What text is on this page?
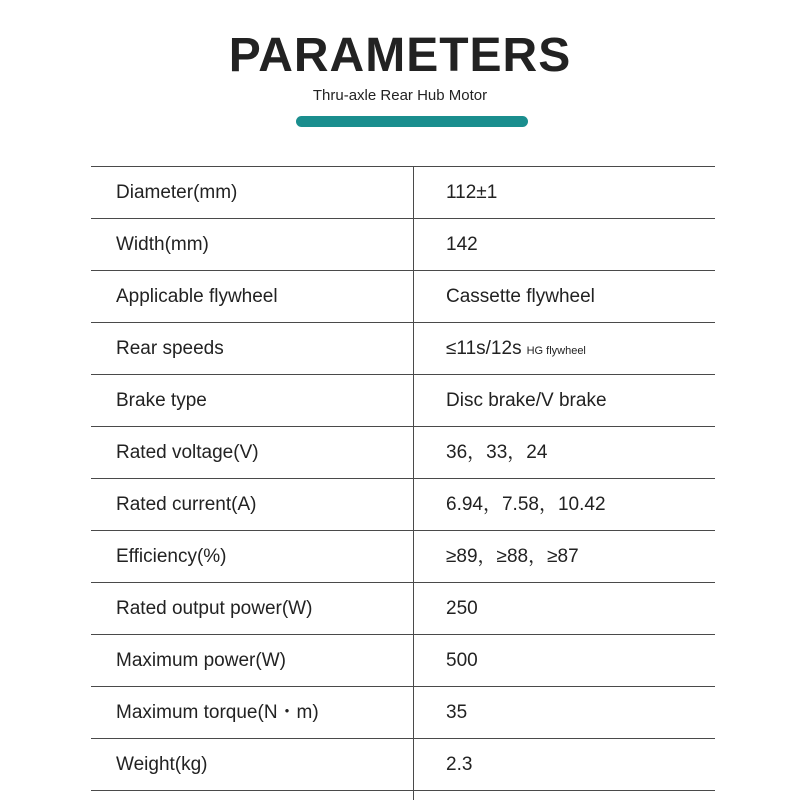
PARAMETERS
Thru-axle Rear Hub Motor
Diameter(mm)	112±1
Width(mm)	142
Applicable flywheel	Cassette flywheel
Rear speeds	≤11s/12s HG flywheel
Brake type	Disc brake/V brake
Rated voltage(V)	36，33，24
Rated current(A)	6.94，7.58，10.42
Efficiency(%)	≥89，≥88，≥87
Rated output power(W)	250
Maximum power(W)	500
Maximum torque(N・m)	35
Weight(kg)	2.3
